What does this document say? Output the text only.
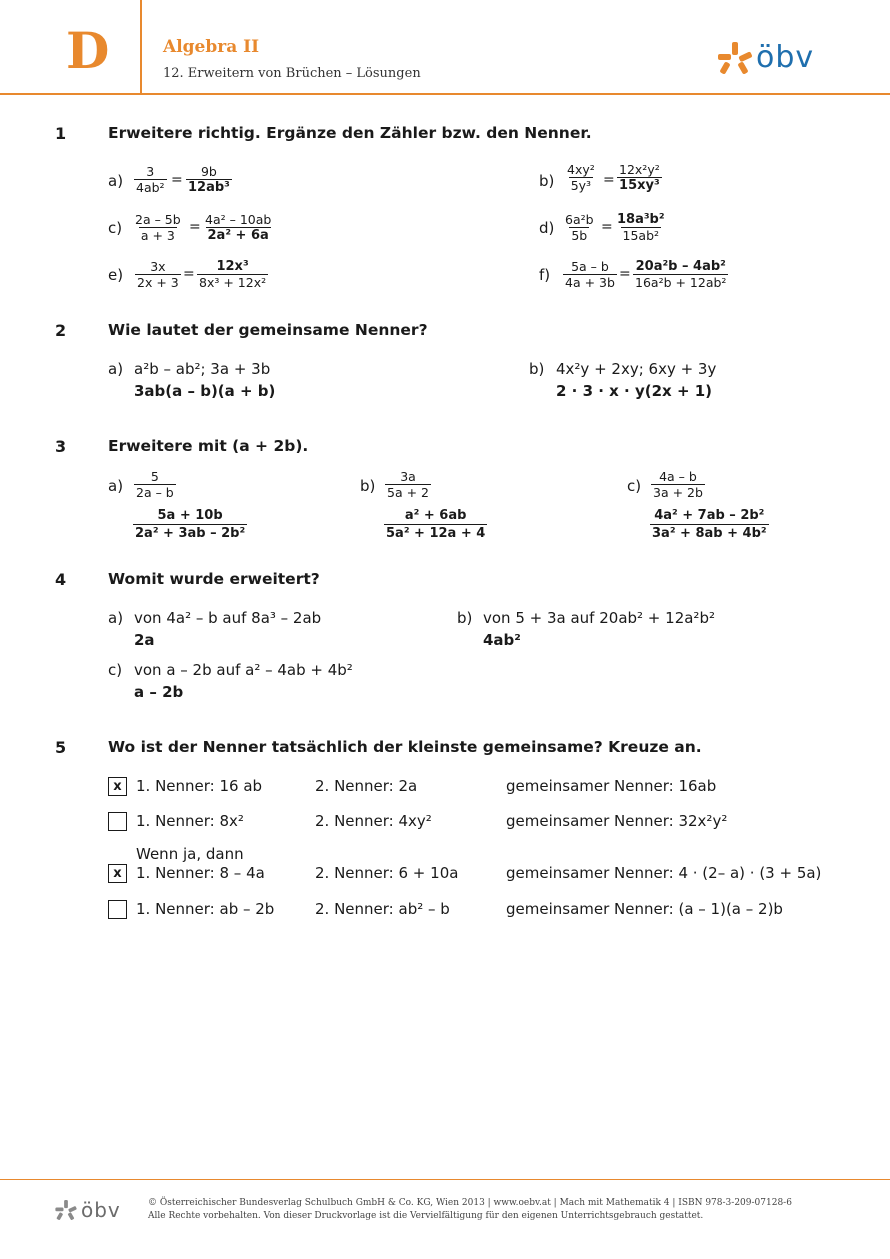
D	Algebra II
12. Erweitern von Brüchen – Lösungen	öbv
1	Erweitere richtig. Ergänze den Zähler bzw. den Nenner.
$a) \frac{3}{\text{4ab²}} = \frac{9b}{\text{12ab³}}$	$b) \frac{\text{4xy²}}{\text{5y³}} = \frac{\text{12x²y²}}{\text{15xy³}}$
$c) \frac{2a - 5b}{a + 3} = \frac{\text{4a² – 10ab}}{\text{2a² + 6a}}$	$d) \frac{\text{6a²b}}{5b} = \frac{\text{18a³b²}}{\text{15ab²}}$
$e) \frac{3x}{2x + 3} = \frac{\text{12x³}}{\text{8x³ + 12x²}}$	$f) \frac{5a - b}{4a + 3b} = \frac{\text{20a²b – 4ab²}}{\text{16a²b + 12ab²}}$
2	Wie lautet der gemeinsame Nenner?
a) a²b – ab²; 3a + 3b
3ab(a – b)(a + b)
b) 4x²y + 2xy; 6xy + 3y
2 · 3 · x · y(2x + 1)
3	Erweitere mit (a + 2b).
$a) \frac{5}{2a - b}$
$\frac{5a + 10b}{\text{2a² + 3ab – 2b²}}$
$b) \frac{3a}{5a + 2}$
$\frac{\text{a² + 6ab}}{\text{5a² + 12a + 4}}$
$c) \frac{4a - b}{3a + 2b}$
$\frac{\text{4a² + 7ab – 2b²}}{\text{3a² + 8ab + 4b²}}$
4	Womit wurde erweitert?
a) von 4a² – b auf 8a³ – 2ab
2a
b) von 5 + 3a auf 20ab² + 12a²b²
4ab²
c) von a – 2b auf a² – 4ab + 4b²
a – 2b
5	Wo ist der Nenner tatsächlich der kleinste gemeinsame? Kreuze an.
x 1. Nenner: 16 ab	2. Nenner: 2a	gemeinsamer Nenner: 16ab
1. Nenner: 8x²	2. Nenner: 4xy²	gemeinsamer Nenner: 32x²y²
Wenn ja, dann
x 1. Nenner: 8 – 4a	2. Nenner: 6 + 10a	gemeinsamer Nenner: 4 · (2– a) · (3 + 5a)
1. Nenner: ab – 2b	2. Nenner: ab² – b	gemeinsamer Nenner: (a – 1)(a – 2)b
öbv	© Österreichischer Bundesverlag Schulbuch GmbH & Co. KG, Wien 2013 | www.oebv.at | Mach mit Mathematik 4 | ISBN 978-3-209-07128-6
Alle Rechte vorbehalten. Von dieser Druckvorlage ist die Vervielfältigung für den eigenen Unterrichtsgebrauch gestattet.
